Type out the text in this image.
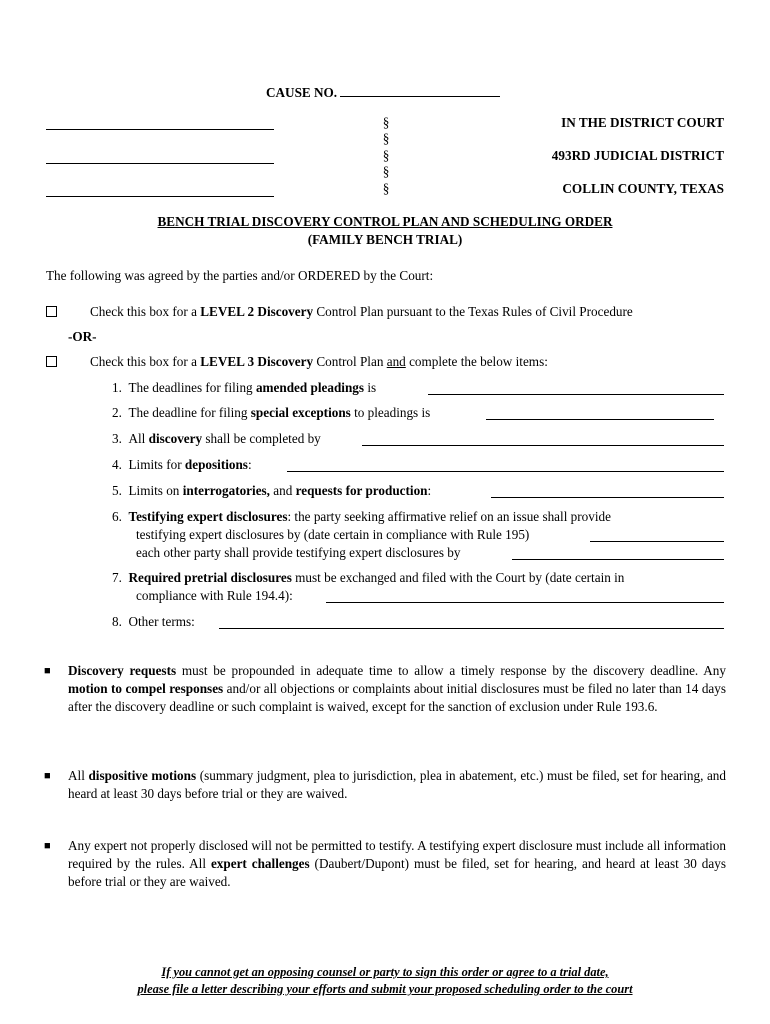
CAUSE NO.
§
§
§
§
§
IN THE DISTRICT COURT
493RD JUDICIAL DISTRICT
COLLIN COUNTY, TEXAS
BENCH TRIAL DISCOVERY CONTROL PLAN AND SCHEDULING ORDER
(FAMILY BENCH TRIAL)
The following was agreed by the parties and/or ORDERED by the Court:
Check this box for a LEVEL 2 Discovery Control Plan pursuant to the Texas Rules of Civil Procedure
-OR-
Check this box for a LEVEL 3 Discovery Control Plan and complete the below items:
1. The deadlines for filing amended pleadings is
2. The deadline for filing special exceptions to pleadings is
3. All discovery shall be completed by
4. Limits for depositions:
5. Limits on interrogatories, and requests for production:
6. Testifying expert disclosures: the party seeking affirmative relief on an issue shall provide
testifying expert disclosures by (date certain in compliance with Rule 195)
each other party shall provide testifying expert disclosures by
7. Required pretrial disclosures must be exchanged and filed with the Court by (date certain in
compliance with Rule 194.4):
8. Other terms:
■ Discovery requests must be propounded in adequate time to allow a timely response by the discovery deadline. Any motion to compel responses and/or all objections or complaints about initial disclosures must be filed no later than 14 days after the discovery deadline or such complaint is waived, except for the sanction of exclusion under Rule 193.6.
■ All dispositive motions (summary judgment, plea to jurisdiction, plea in abatement, etc.) must be filed, set for hearing, and heard at least 30 days before trial or they are waived.
■ Any expert not properly disclosed will not be permitted to testify. A testifying expert disclosure must include all information required by the rules. All expert challenges (Daubert/Dupont) must be filed, set for hearing, and heard at least 30 days before trial or they are waived.
If you cannot get an opposing counsel or party to sign this order or agree to a trial date,
please file a letter describing your efforts and submit your proposed scheduling order to the court
